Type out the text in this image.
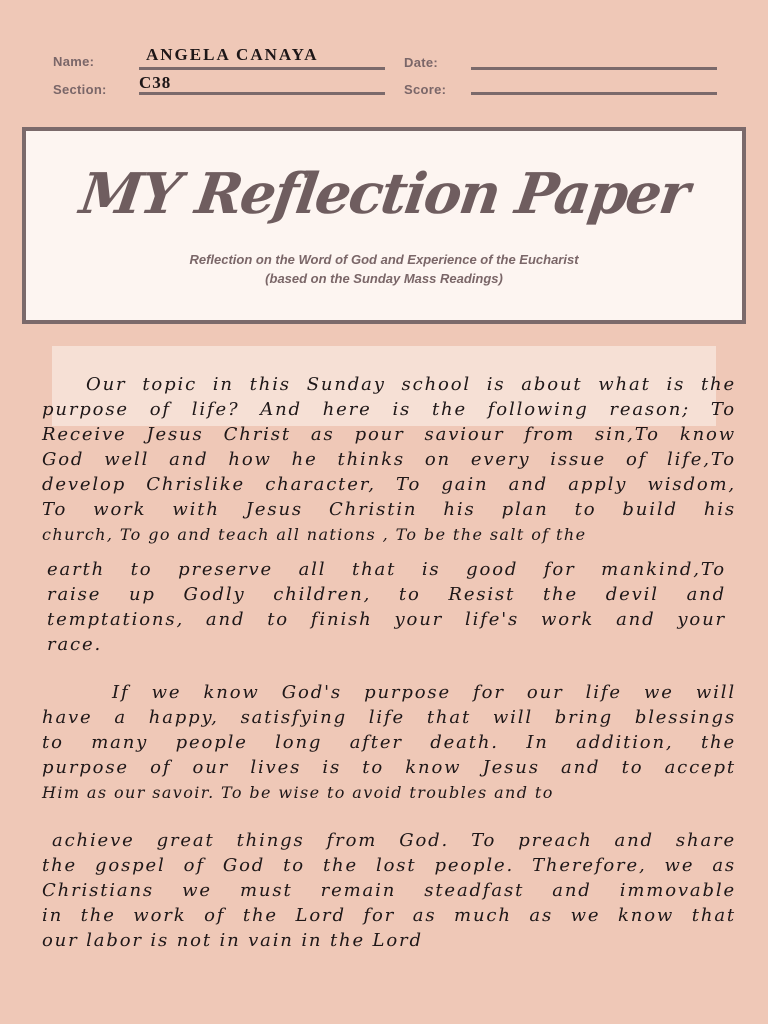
Name:	ANGELA CANAYA
Section: C38
Date:
Score:
MY Reflection Paper
Reflection on the Word of God and Experience of the Eucharist
(based on the Sunday Mass Readings)
Our topic in this Sunday school is about what is the
purpose of life? And here is the following reason; To
Receive Jesus Christ as pour saviour from sin,To know
God well and how he thinks on every issue of life,To
develop Chrislike character, To gain and apply wisdom,
To work with Jesus Christin his plan to build his
church, To go and teach all nations , To be the salt of the
earth to preserve all that is good for mankind,To
raise up Godly children, to Resist the devil and
temptations, and to finish your life's work and your
race.
If we know God's purpose for our life we will
have a happy, satisfying life that will bring blessings
to many people long after death. In addition, the
purpose of our lives is to know Jesus and to accept
Him as our savoir. To be wise to avoid troubles and to
achieve great things from God. To preach and share
the gospel of God to the lost people. Therefore, we as
Christians we must remain steadfast and immovable
in the work of the Lord for as much as we know that
our labor is not in vain in the Lord
